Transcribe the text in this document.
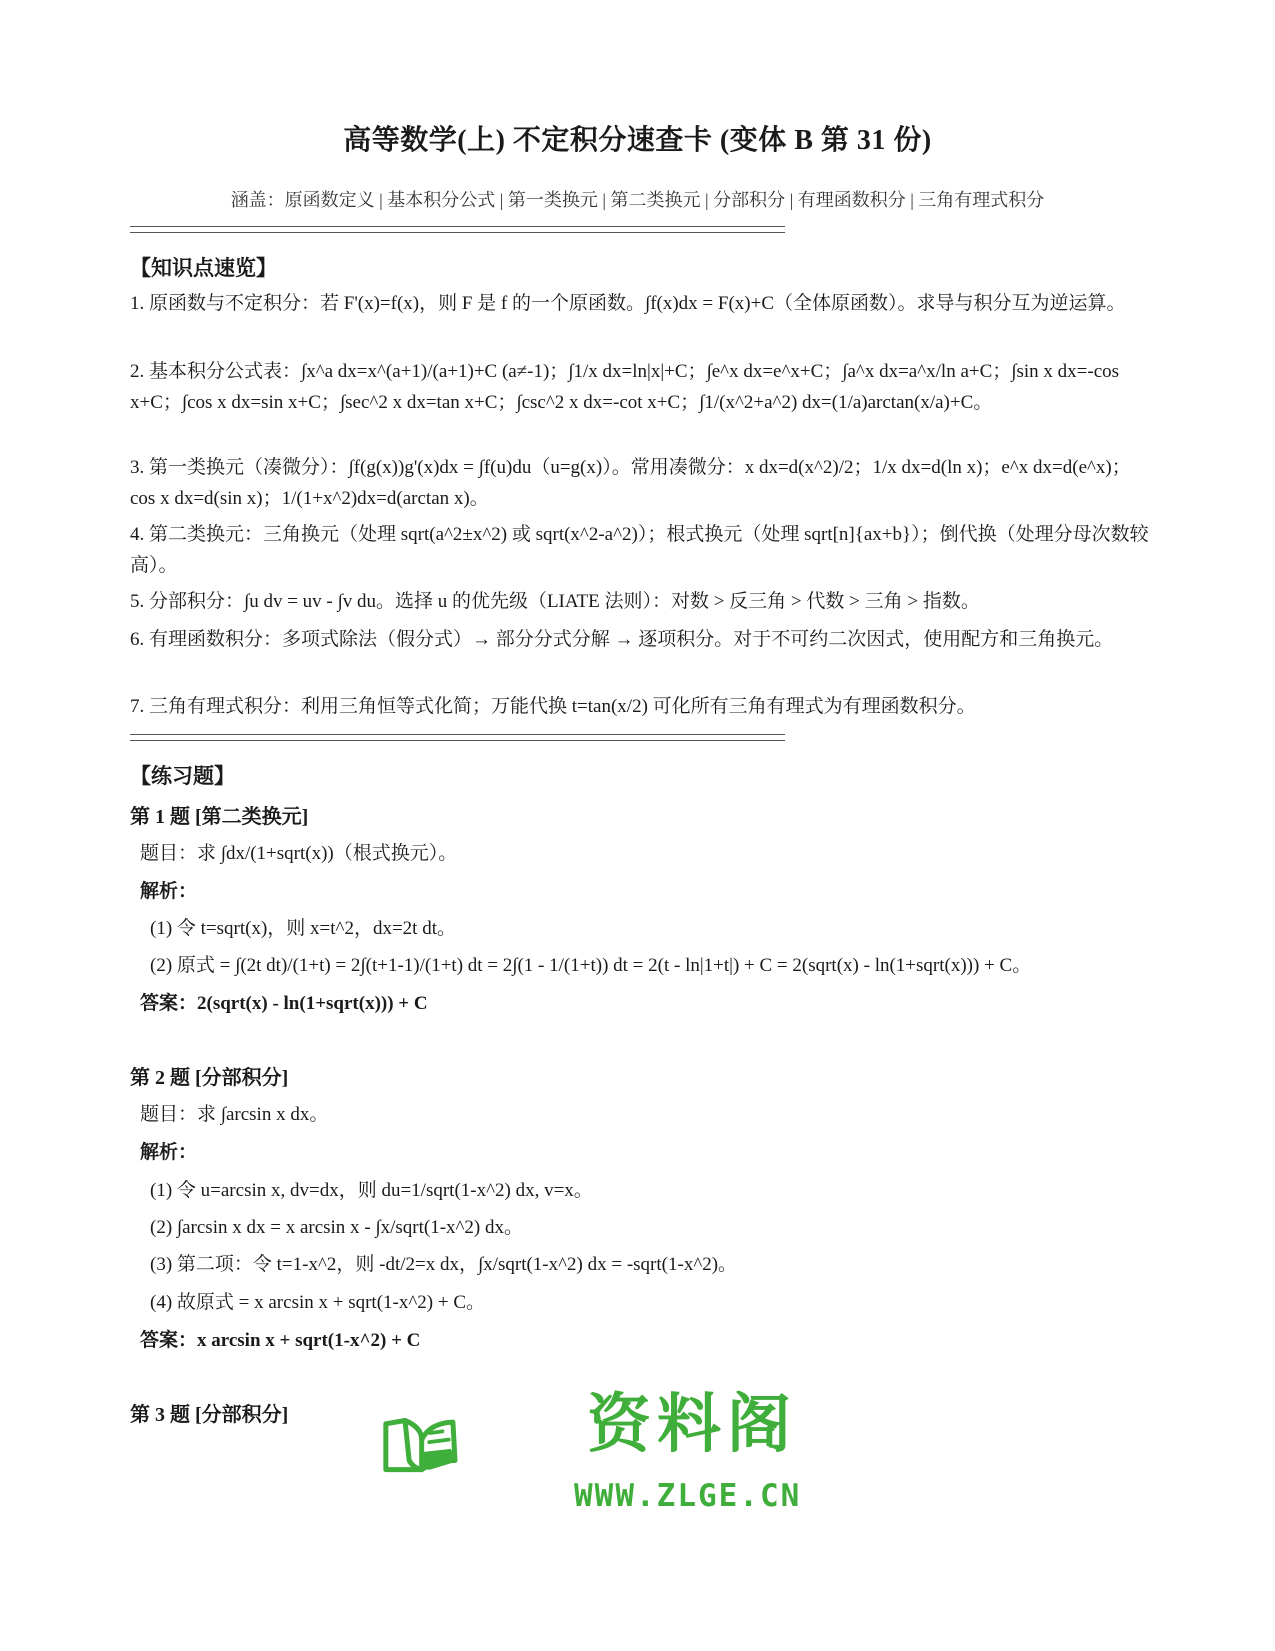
高等数学(上) 不定积分速查卡 (变体 B 第 31 份)
涵盖：原函数定义 | 基本积分公式 | 第一类换元 | 第二类换元 | 分部积分 | 有理函数积分 | 三角有理式积分
【知识点速览】
1. 原函数与不定积分：若 F'(x)=f(x)，则 F 是 f 的一个原函数。∫f(x)dx = F(x)+C（全体原函数）。求导与积分互为逆运算。
2. 基本积分公式表：∫x^a dx=x^(a+1)/(a+1)+C (a≠-1)；∫1/x dx=ln|x|+C；∫e^x dx=e^x+C；∫a^x dx=a^x/ln a+C；∫sin x dx=-cos x+C；∫cos x dx=sin x+C；∫sec^2 x dx=tan x+C；∫csc^2 x dx=-cot x+C；∫1/(x^2+a^2) dx=(1/a)arctan(x/a)+C。
3. 第一类换元（凑微分）：∫f(g(x))g'(x)dx = ∫f(u)du（u=g(x)）。常用凑微分：x dx=d(x^2)/2；1/x dx=d(ln x)；e^x dx=d(e^x)；cos x dx=d(sin x)；1/(1+x^2)dx=d(arctan x)。
4. 第二类换元：三角换元（处理 sqrt(a^2±x^2) 或 sqrt(x^2-a^2)）；根式换元（处理 sqrt[n]{ax+b}）；倒代换（处理分母次数较高）。
5. 分部积分：∫u dv = uv - ∫v du。选择 u 的优先级（LIATE 法则）：对数 > 反三角 > 代数 > 三角 > 指数。
6. 有理函数积分：多项式除法（假分式）→ 部分分式分解 → 逐项积分。对于不可约二次因式，使用配方和三角换元。
7. 三角有理式积分：利用三角恒等式化简；万能代换 t=tan(x/2) 可化所有三角有理式为有理函数积分。
【练习题】
第 1 题 [第二类换元]
题目：求 ∫dx/(1+sqrt(x))（根式换元）。
解析：
(1) 令 t=sqrt(x)，则 x=t^2，dx=2t dt。
(2) 原式 = ∫(2t dt)/(1+t) = 2∫(t+1-1)/(1+t) dt = 2∫(1 - 1/(1+t)) dt = 2(t - ln|1+t|) + C = 2(sqrt(x) - ln(1+sqrt(x))) + C。
答案：2(sqrt(x) - ln(1+sqrt(x))) + C
第 2 题 [分部积分]
题目：求 ∫arcsin x dx。
解析：
(1) 令 u=arcsin x, dv=dx，则 du=1/sqrt(1-x^2) dx, v=x。
(2) ∫arcsin x dx = x arcsin x - ∫x/sqrt(1-x^2) dx。
(3) 第二项：令 t=1-x^2，则 -dt/2=x dx，∫x/sqrt(1-x^2) dx = -sqrt(1-x^2)。
(4) 故原式 = x arcsin x + sqrt(1-x^2) + C。
答案：x arcsin x + sqrt(1-x^2) + C
第 3 题 [分部积分]	资料阁
WWW.ZLGE.CN
